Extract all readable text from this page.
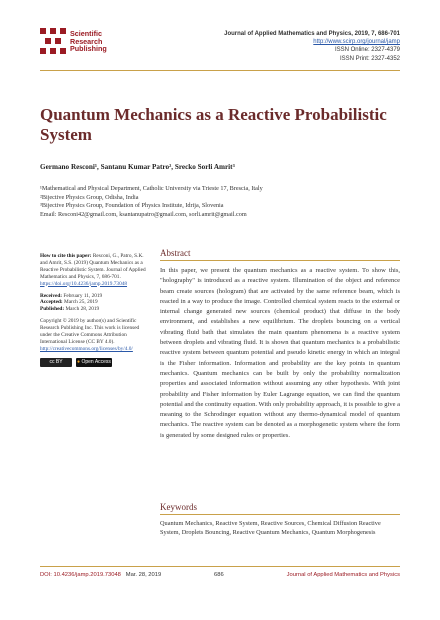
Scientific
Research
Publishing
Journal of Applied Mathematics and Physics, 2019, 7, 686-701
http://www.scirp.org/journal/jamp
ISSN Online: 2327-4379
ISSN Print: 2327-4352
Quantum Mechanics as a Reactive Probabilistic System
Germano Resconi¹, Santanu Kumar Patro², Srecko Sorli Amrit³
¹Mathematical and Physical Department, Catholic University via Trieste 17, Brescia, Italy
²Bijective Physics Group, Odisha, India
³Bijective Physics Group, Foundation of Physics Institute, Idrija, Slovenia
Email: Resconi42@gmail.com, ksantanupatro@gmail.com, sorli.amrit@gmail.com

How to cite this paper: Resconi, G., Patro, S.K. and Amrit, S.S. (2019) Quantum Mechanics as a Reactive Probabilistic System. Journal of Applied Mathematics and Physics, 7, 686-701. https://doi.org/10.4236/jamp.2019.73048

Received: February 11, 2019
Accepted: March 25, 2019
Published: March 28, 2019

Copyright © 2019 by author(s) and Scientific Research Publishing Inc. This work is licensed under the Creative Commons Attribution International License (CC BY 4.0). http://creativecommons.org/licenses/by/4.0/

cc BY	● Open Access
Abstract
In this paper, we present the quantum mechanics as a reactive system. To show this, "holography" is introduced as a reactive system. Illumination of the object and reference beam create sources (hologram) that are activated by the same reference beam, which is reacted in a way to produce the image. Controlled chemical system reacts to the external or internal change generated new sources (chemical product) that diffuse in the body environment, and establishes a new equilibrium. The droplets bouncing on a vertical vibrating fluid bath that simulates the main quantum phenomena is a reactive system between droplets and vibrating fluid. It is shown that quantum mechanics is a probabilistic reactive system between quantum potential and pseudo kinetic energy in which an integral is the Fisher information. Information and probability are the key points in quantum mechanics. Quantum mechanics can be built by only the probability normalization properties and associated information without assuming any other hypothesis. With joint probability and Fisher information by Euler Lagrange equation, we can find the quantum potential and the continuity equation. With only probability approach, it is possible to give a meaning to the Schrodinger equation without any thermo-dynamical model of quantum mechanics. The reactive system can be denoted as a morphogenetic system where the form is generated by some designed rules or properties.
Keywords
Quantum Mechanics, Reactive System, Reactive Sources, Chemical Diffusion Reactive System, Droplets Bouncing, Reactive Quantum Mechanics, Quantum Morphogenesis
DOI: 10.4236/jamp.2019.73048 Mar. 28, 2019	686	Journal of Applied Mathematics and Physics
